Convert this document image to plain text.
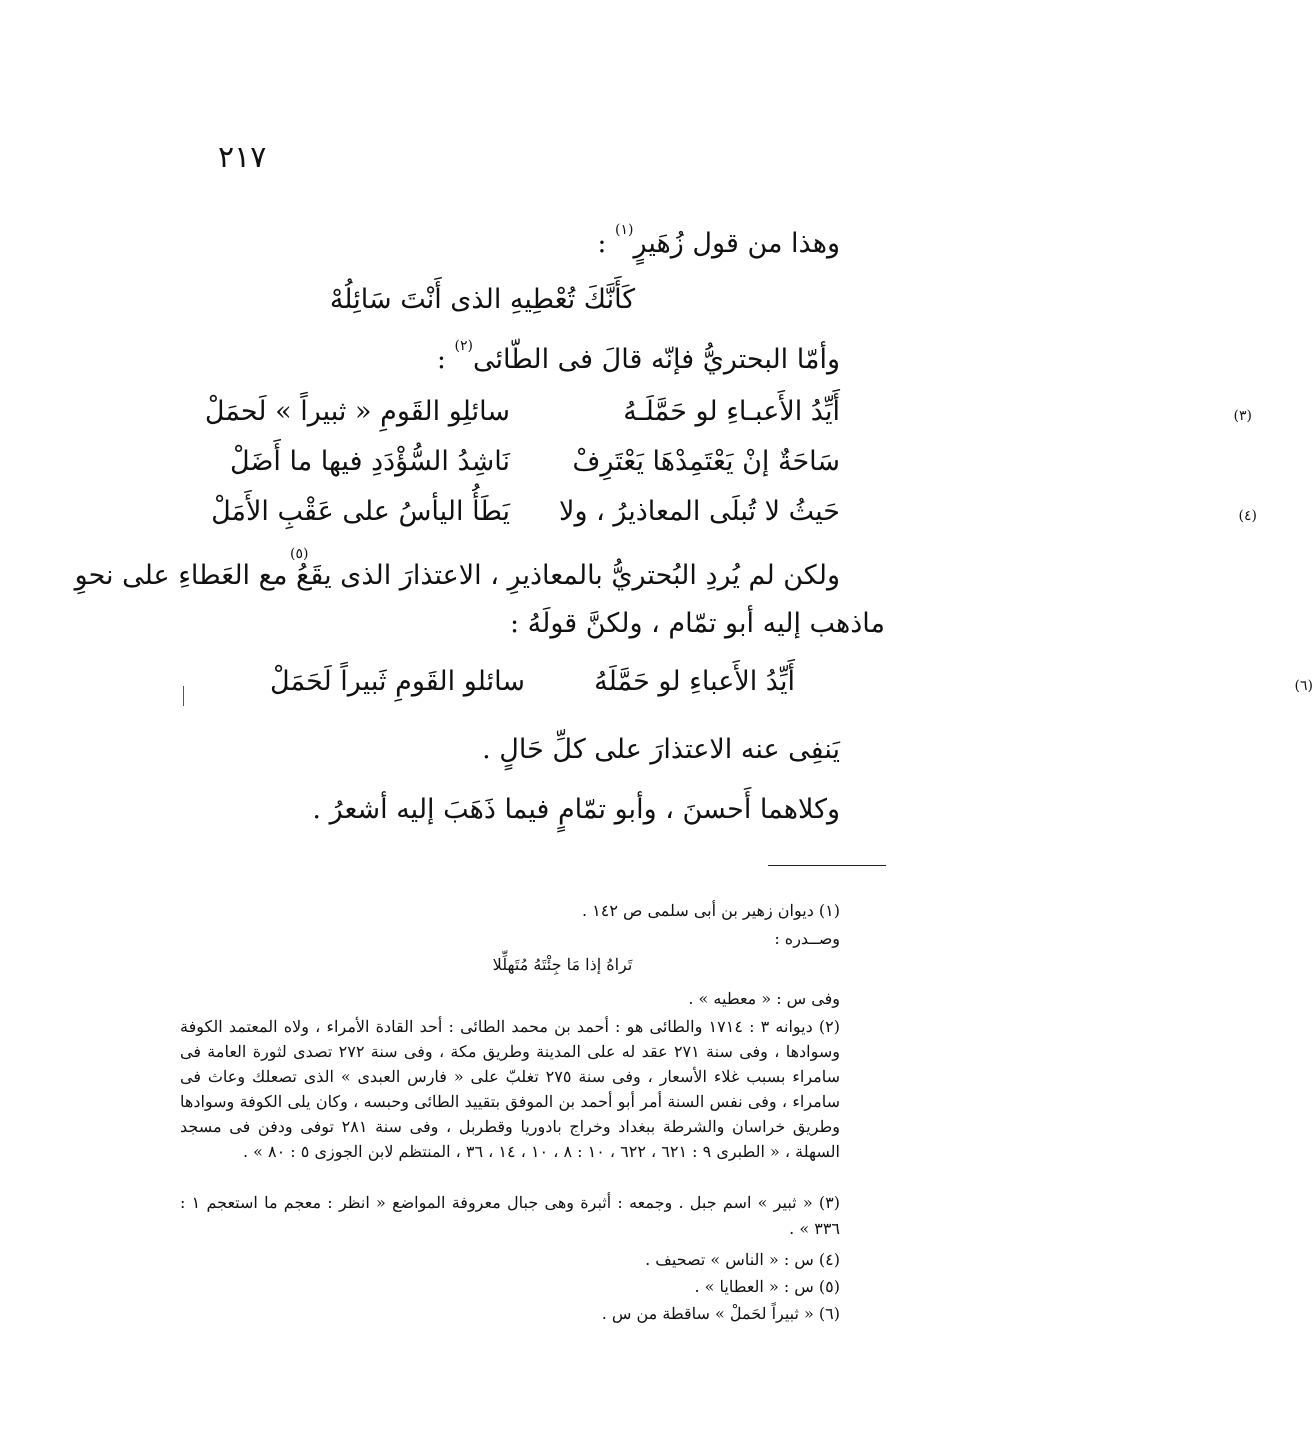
٢١٧
وهذا من قول زُهَيرٍ$^{(١)}$ :
كَأَنَّكَ تُعْطِيهِ الذى أَنْتَ سَائِلُهْ
وأمّا البحتريُّ فإنّه قالَ فى الطّائى$^{(٢)}$ :
أَيِّدُ الأَعبـاءِ لو حَمَّلَـهُ
سائلِو القَومِ « ثبيراً » لَحمَلْ	(٣)
سَاحَةٌ إنْ يَعْتَمِدْهَا يَعْتَرِفْ
نَاشِدُ السُّؤْدَدِ فيها ما أَضَلْ
حَيثُ لا تُبلَى المعاذيرُ ، ولا
يَطَأُ اليأسُ على عَقْبِ الأَمَلْ	(٤)
ولكن لم يُردِ البُحتريُّ بالمعاذيرِ ، الاعتذارَ الذى يقَعُ مع العَطاءِ على نحوِ
(٥)
ماذهب إليه أبو تمّام ، ولكنَّ قولَهُ :
أَيِّدُ الأَعباءِ لو حَمَّلَهُ
سائلو القَومِ ثَبيراً لَحَمَلْ	(٦)
يَنفِى عنه الاعتذارَ على كلِّ حَالٍ .
وكلاهما أَحسنَ ، وأبو تمّامٍ فيما ذَهَبَ إليه أشعرُ .
(١) ديوان زهير بن أبى سلمى ص ١٤٢ .
وصــدره :
تَراهُ إذا مَا جِئْتَهُ مُتَهلِّلا
وفى س : « معطيه » .
(٢) ديوانه ٣ : ١٧١٤ والطائى هو : أحمد بن محمد الطائى : أحد القادة الأمراء ، ولاه المعتمد الكوفة وسوادها ، وفى سنة ٢٧١ عقد له على المدينة وطريق مكة ، وفى سنة ٢٧٢ تصدى لثورة العامة فى سامراء بسبب غلاء الأسعار ، وفى سنة ٢٧٥ تغلبّ على « فارس العبدى » الذى تصعلك وعاث فى سامراء ، وفى نفس السنة أمر أبو أحمد بن الموفق بتقييد الطائى وحبسه ، وكان يلى الكوفة وسوادها وطريق خراسان والشرطة ببغداد وخراج بادوريا وقطربل ، وفى سنة ٢٨١ توفى ودفن فى مسجد السهلة ، « الطبرى ٩ : ٦٢١ ، ٦٢٢ ، ١٠ : ٨ ، ١٠ ، ١٤ ، ٣٦ ، المنتظم لابن الجوزى ٥ : ٨٠ » .
(٣) « ثبير » اسم جبل . وجمعه : أثبرة وهى جبال معروفة المواضع « انظر : معجم ما استعجم ١ : ٣٣٦ » .
(٤) س : « الناس » تصحيف .
(٥) س : « العطايا » .
(٦) « ثبيراً لحَملْ » ساقطة من س .
